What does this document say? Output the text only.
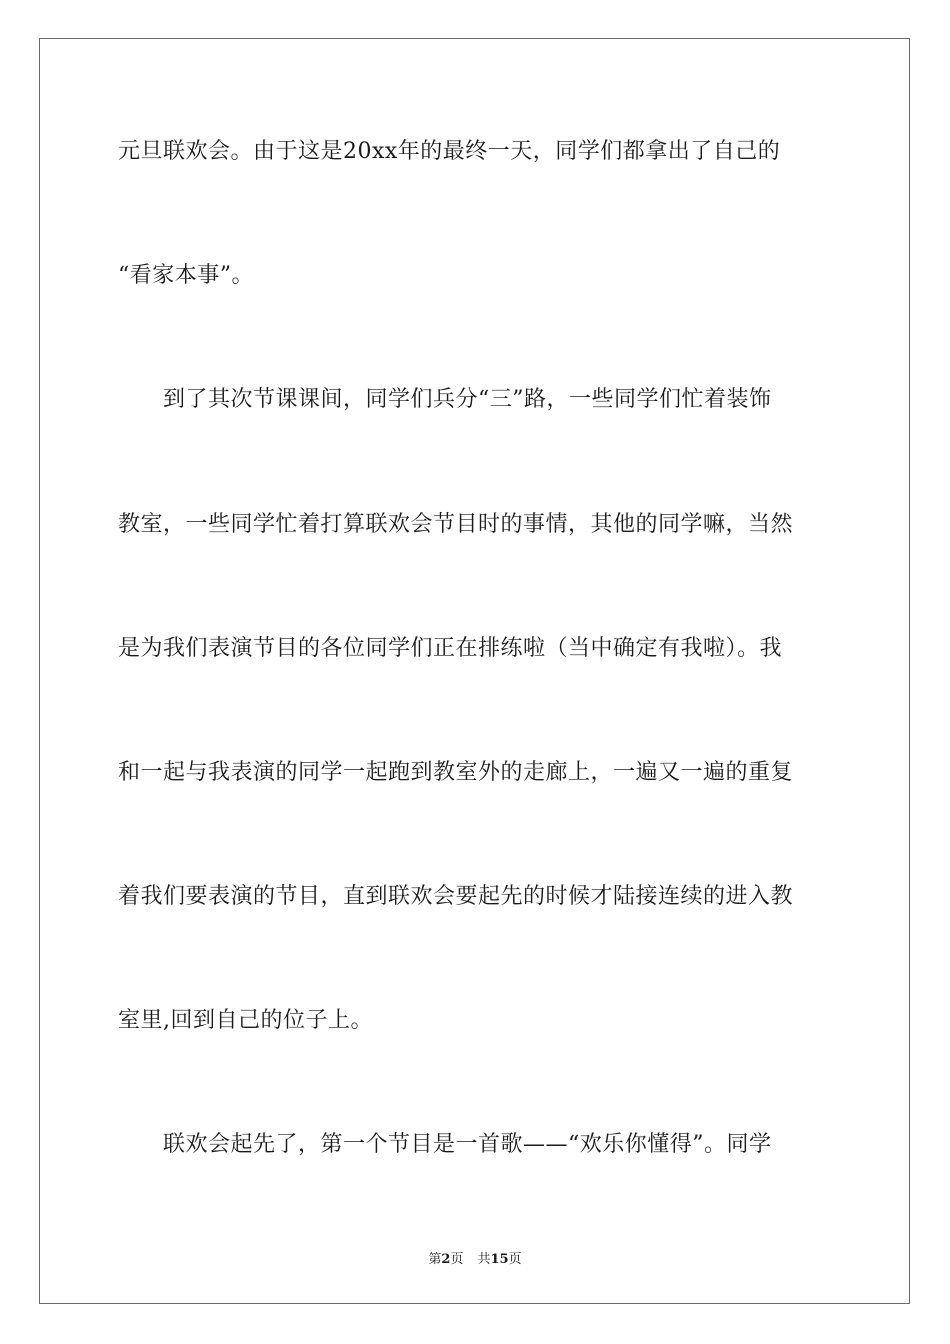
元旦联欢会。由于这是20xx年的最终一天，同学们都拿出了自己的
“看家本事”。
　　到了其次节课课间，同学们兵分“三”路，一些同学们忙着装饰
教室，一些同学忙着打算联欢会节目时的事情，其他的同学嘛，当然
是为我们表演节目的各位同学们正在排练啦（当中确定有我啦）。我
和一起与我表演的同学一起跑到教室外的走廊上，一遍又一遍的重复
着我们要表演的节目，直到联欢会要起先的时候才陆接连续的进入教
室里,回到自己的位子上。
　　联欢会起先了，第一个节目是一首歌——“欢乐你懂得”。同学
第2页 共15页
